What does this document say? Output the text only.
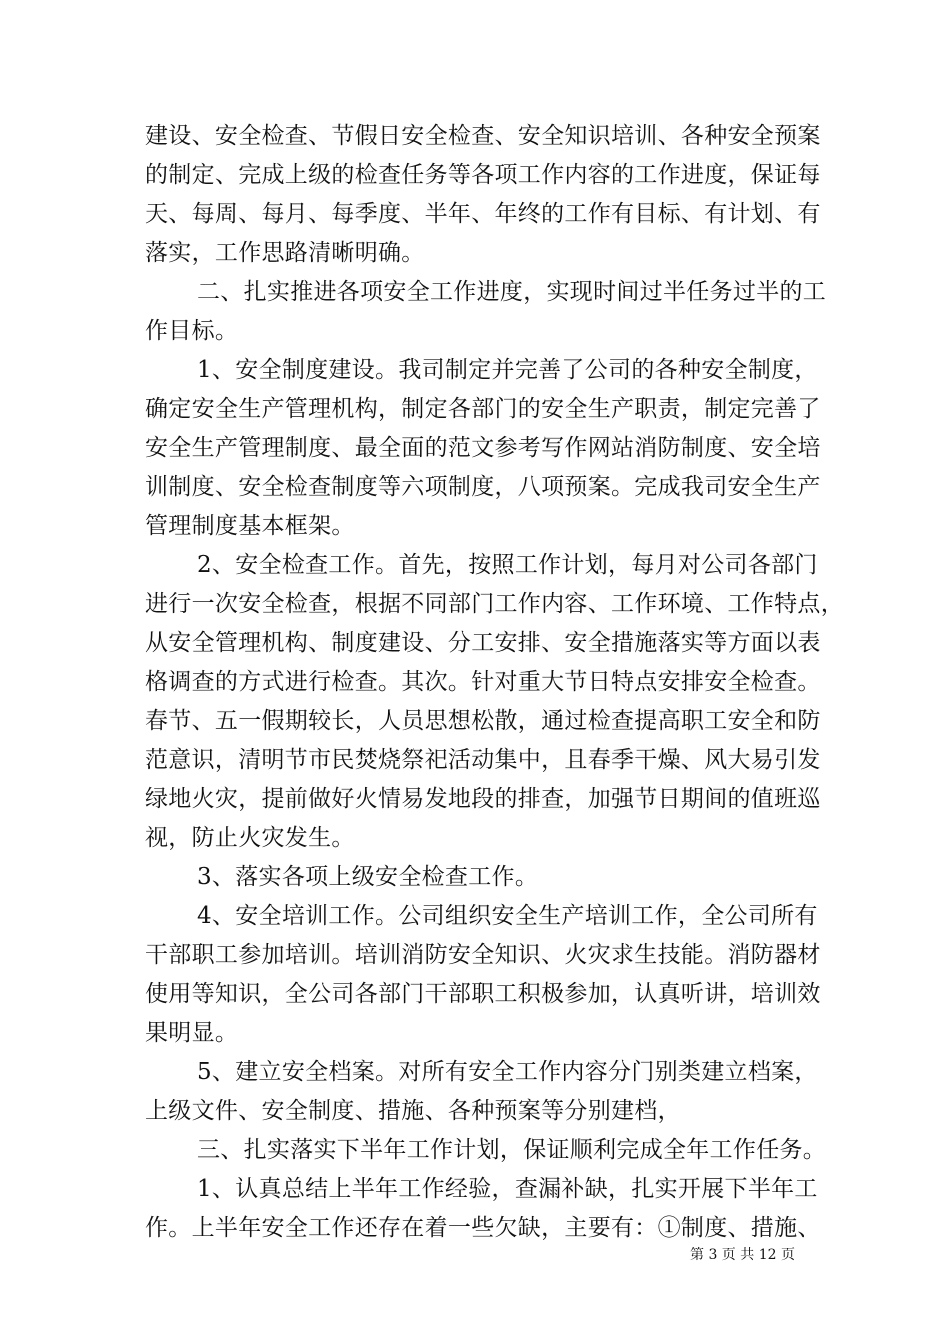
建设、安全检查、节假日安全检查、安全知识培训、各种安全预案
的制定、完成上级的检查任务等各项工作内容的工作进度，保证每
天、每周、每月、每季度、半年、年终的工作有目标、有计划、有
落实，工作思路清晰明确。
二、扎实推进各项安全工作进度，实现时间过半任务过半的工
作目标。
1、安全制度建设。我司制定并完善了公司的各种安全制度，
确定安全生产管理机构，制定各部门的安全生产职责，制定完善了
安全生产管理制度、最全面的范文参考写作网站消防制度、安全培
训制度、安全检查制度等六项制度，八项预案。完成我司安全生产
管理制度基本框架。
2、安全检查工作。首先，按照工作计划，每月对公司各部门
进行一次安全检查，根据不同部门工作内容、工作环境、工作特点，
从安全管理机构、制度建设、分工安排、安全措施落实等方面以表
格调查的方式进行检查。其次。针对重大节日特点安排安全检查。
春节、五一假期较长，人员思想松散，通过检查提高职工安全和防
范意识，清明节市民焚烧祭祀活动集中，且春季干燥、风大易引发
绿地火灾，提前做好火情易发地段的排查，加强节日期间的值班巡
视，防止火灾发生。
3、落实各项上级安全检查工作。
4、安全培训工作。公司组织安全生产培训工作，全公司所有
干部职工参加培训。培训消防安全知识、火灾求生技能。消防器材
使用等知识，全公司各部门干部职工积极参加，认真听讲，培训效
果明显。
5、建立安全档案。对所有安全工作内容分门别类建立档案，
上级文件、安全制度、措施、各种预案等分别建档，
三、扎实落实下半年工作计划，保证顺利完成全年工作任务。
1、认真总结上半年工作经验，查漏补缺，扎实开展下半年工
作。上半年安全工作还存在着一些欠缺，主要有：①制度、措施、
第 3 页 共 12 页
